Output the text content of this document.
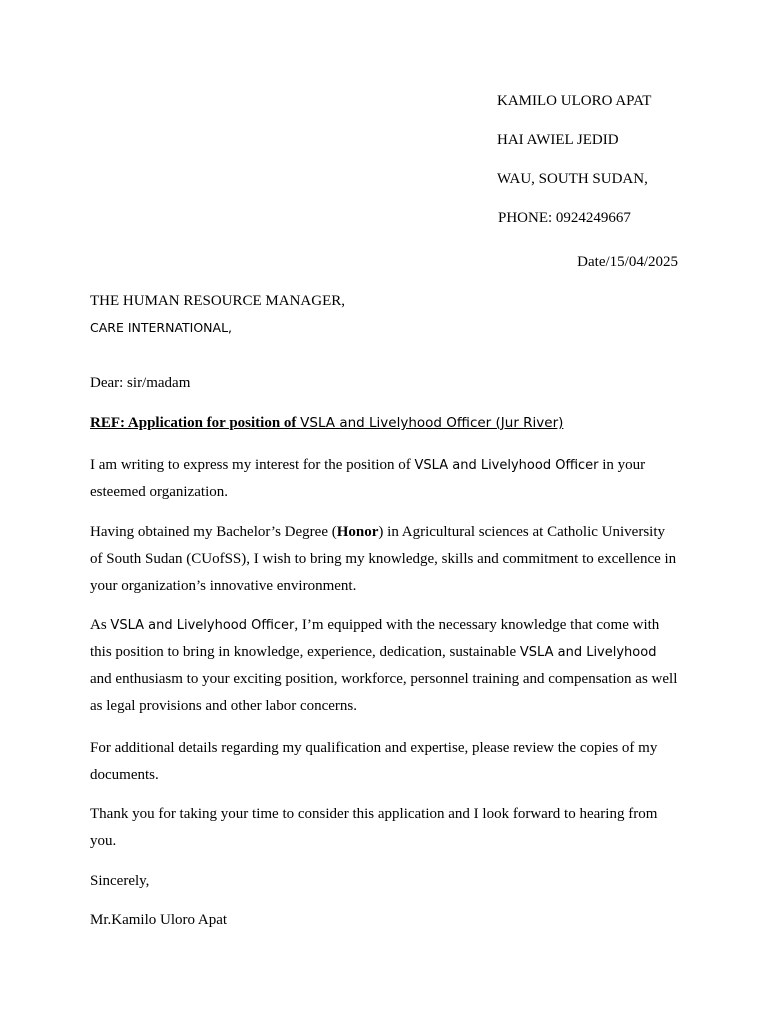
KAMILO ULORO APAT
HAI AWIEL JEDID
WAU, SOUTH SUDAN,
PHONE: 0924249667
Date/15/04/2025
THE HUMAN RESOURCE MANAGER,
CARE INTERNATIONAL,
Dear: sir/madam
REF: Application for position of VSLA and Livelyhood Officer (Jur River)
I am writing to express my interest for the position of VSLA and Livelyhood Officer in your esteemed organization.
Having obtained my Bachelor’s Degree (Honor) in Agricultural sciences at Catholic University of South Sudan (CUofSS), I wish to bring my knowledge, skills and commitment to excellence in your organization’s innovative environment.
As VSLA and Livelyhood Officer, I’m equipped with the necessary knowledge that come with this position to bring in knowledge, experience, dedication, sustainable VSLA and Livelyhood and enthusiasm to your exciting position, workforce, personnel training and compensation as well as legal provisions and other labor concerns.
For additional details regarding my qualification and expertise, please review the copies of my documents.
Thank you for taking your time to consider this application and I look forward to hearing from you.
Sincerely,
Mr.Kamilo Uloro Apat
